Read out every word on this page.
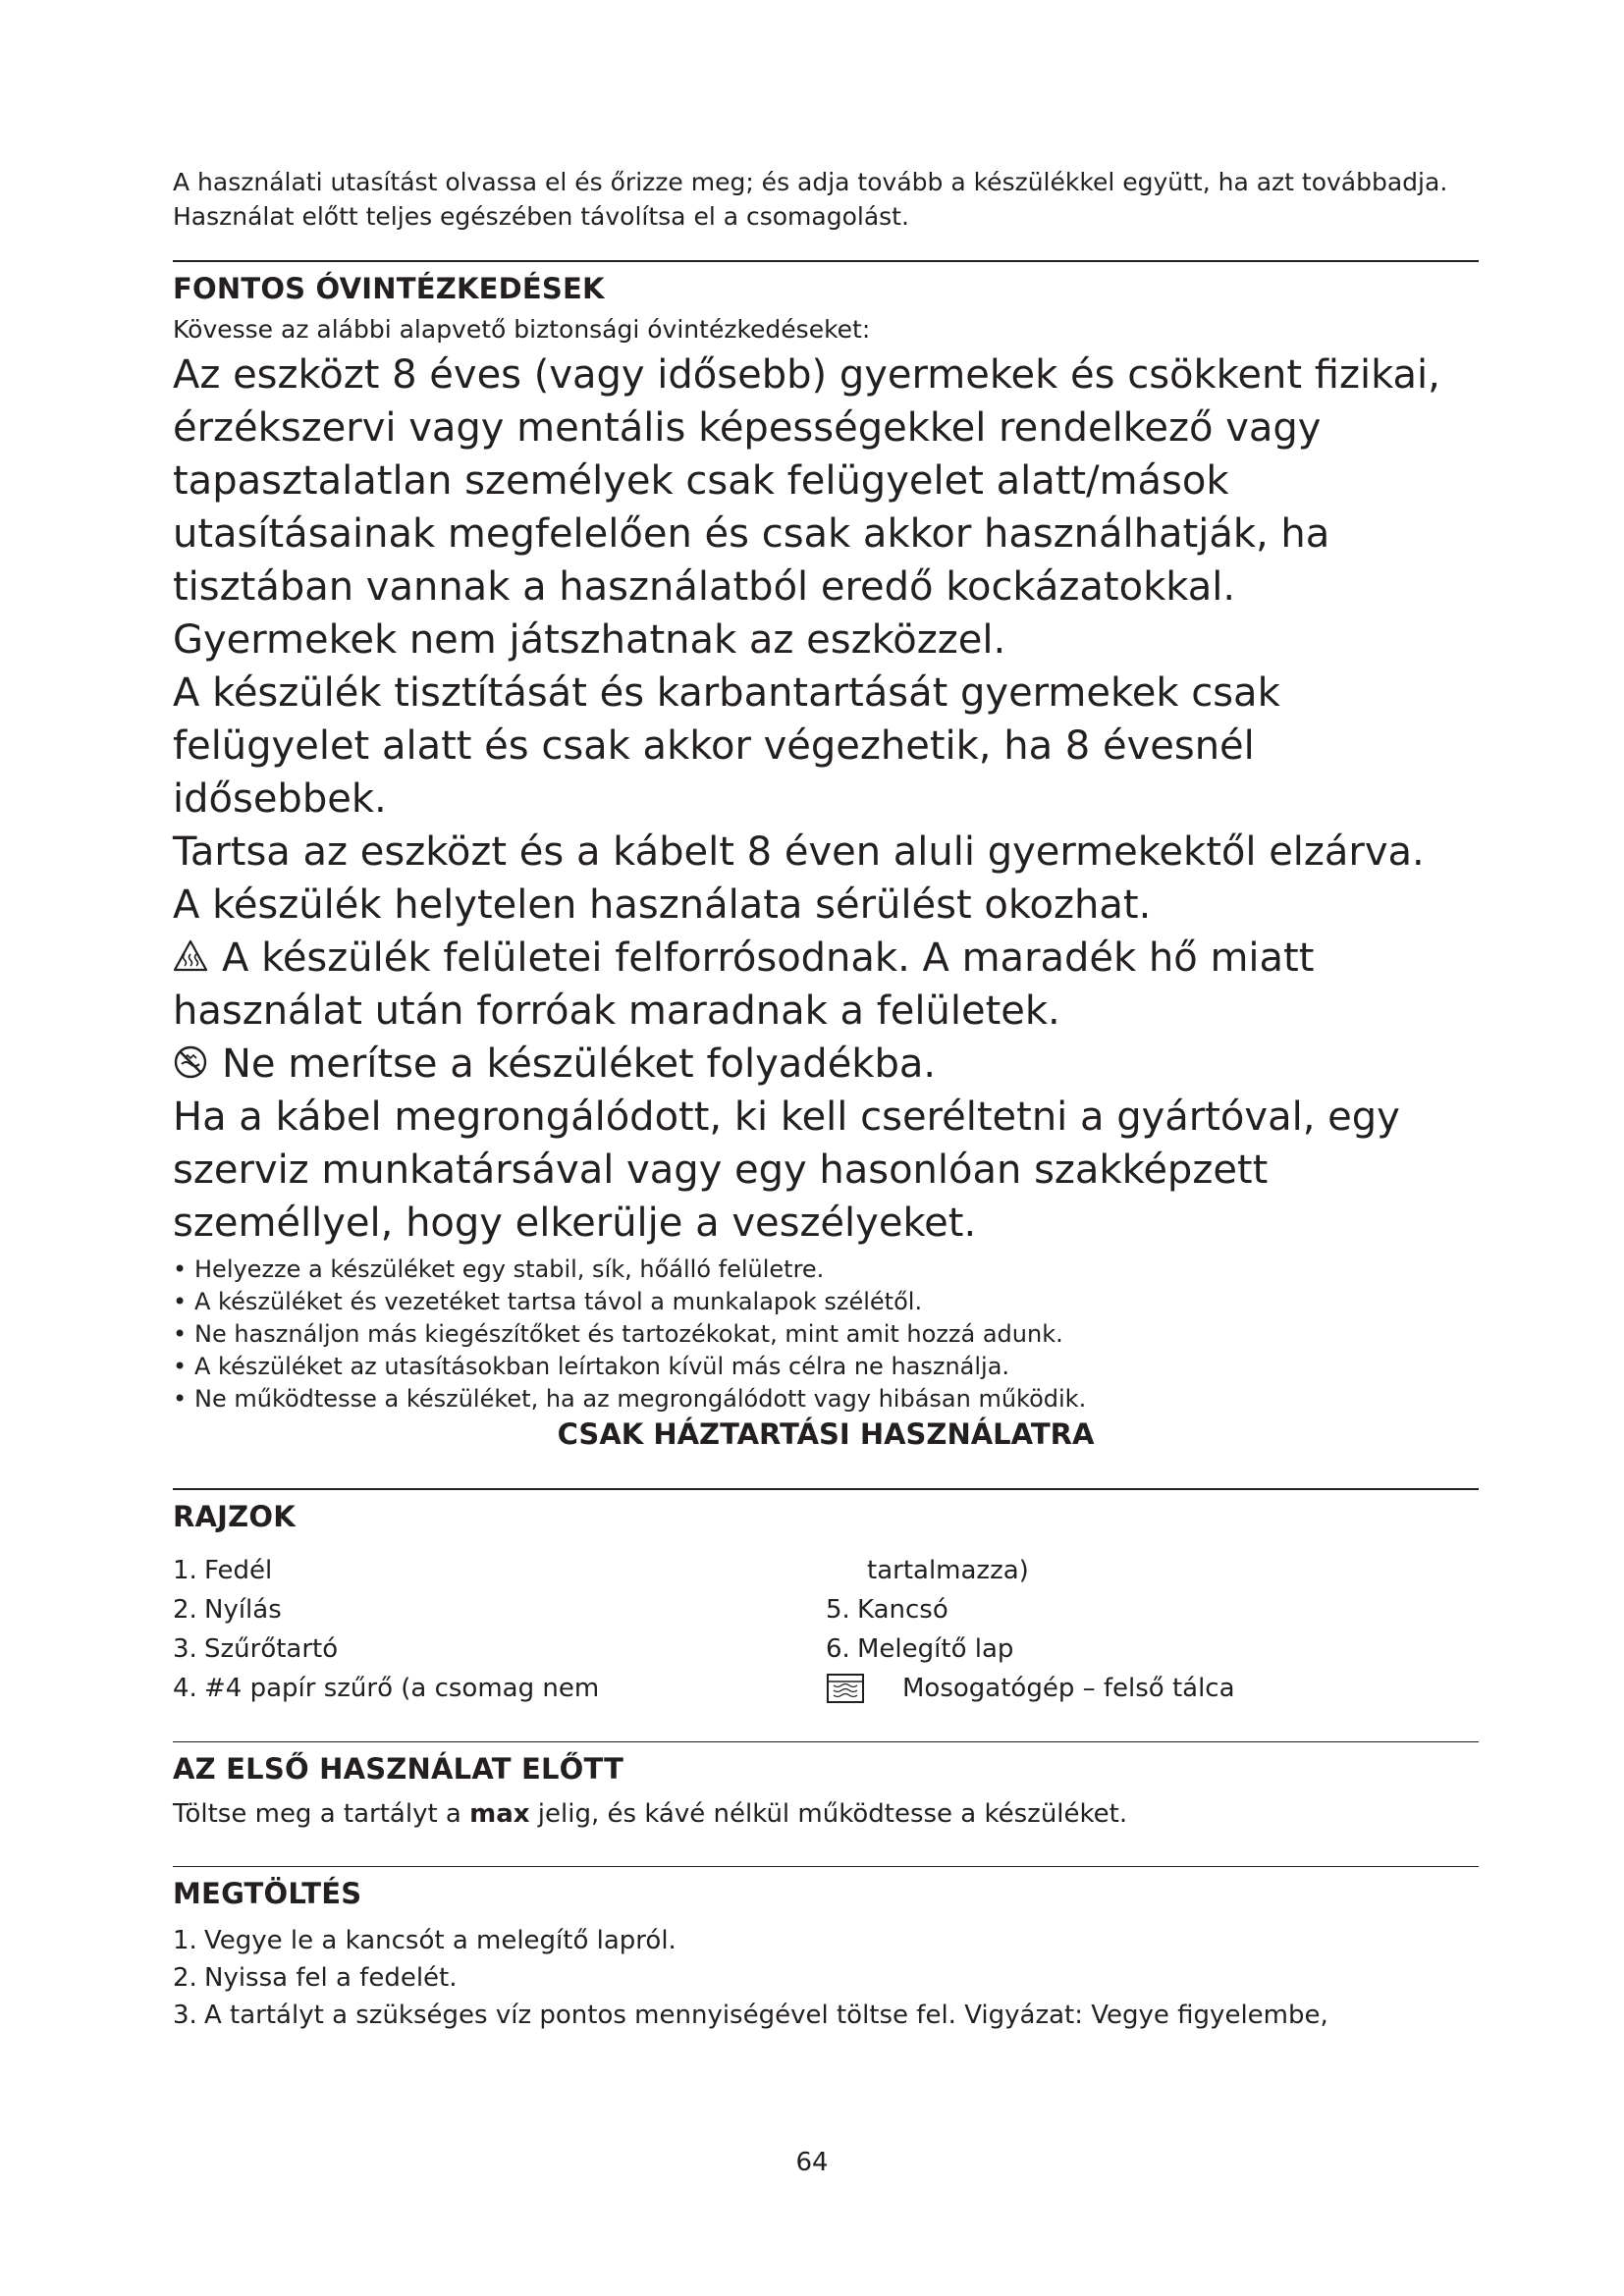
A használati utasítást olvassa el és őrizze meg; és adja tovább a készülékkel együtt, ha azt továbbadja. Használat előtt teljes egészében távolítsa el a csomagolást.

FONTOS ÓVINTÉZKEDÉSEK

Kövesse az alábbi alapvető biztonsági óvintézkedéseket:

Az eszközt 8 éves (vagy idősebb) gyermekek és csökkent fizikai, érzékszervi vagy mentális képességekkel rendelkező vagy tapasztalatlan személyek csak felügyelet alatt/mások utasításainak megfelelően és csak akkor használhatják, ha tisztában vannak a használatból eredő kockázatokkal.

Gyermekek nem játszhatnak az eszközzel.

A készülék tisztítását és karbantartását gyermekek csak felügyelet alatt és csak akkor végezhetik, ha 8 évesnél idősebbek.

Tartsa az eszközt és a kábelt 8 éven aluli gyermekektől elzárva.

A készülék helytelen használata sérülést okozhat.

A készülék felületei felforrósodnak. A maradék hő miatt használat után forróak maradnak a felületek.

Ne merítse a készüléket folyadékba.

Ha a kábel megrongálódott, ki kell cseréltetni a gyártóval, egy szerviz munkatársával vagy egy hasonlóan szakképzett személlyel, hogy elkerülje a veszélyeket.

• Helyezze a készüléket egy stabil, sík, hőálló felületre.
• A készüléket és vezetéket tartsa távol a munkalapok szélétől.
• Ne használjon más kiegészítőket és tartozékokat, mint amit hozzá adunk.
• A készüléket az utasításokban leírtakon kívül más célra ne használja.
• Ne működtesse a készüléket, ha az megrongálódott vagy hibásan működik.

CSAK HÁZTARTÁSI HASZNÁLATRA

RAJZOK
1. Fedél
2. Nyílás
3. Szűrőtartó
4. #4 papír szűrő (a csomag nem
tartalmazza)
5. Kancsó
6. Melegítő lap
Mosogatógép – felső tálca
AZ ELSŐ HASZNÁLAT ELŐTT

Töltse meg a tartályt a max jelig, és kávé nélkül működtesse a készüléket.

MEGTÖLTÉS
1. Vegye le a kancsót a melegítő lapról.
2. Nyissa fel a fedelét.
3. A tartályt a szükséges víz pontos mennyiségével töltse fel. Vigyázat: Vegye figyelembe,
64
